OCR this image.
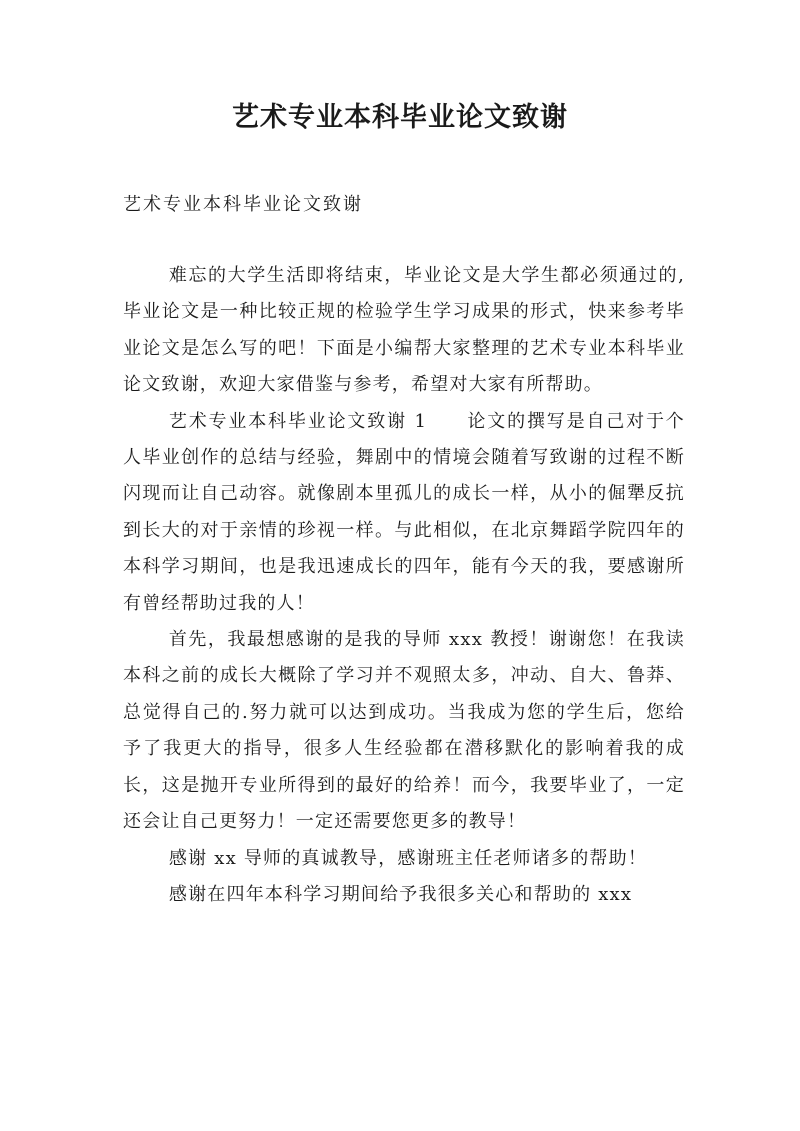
艺术专业本科毕业论文致谢
艺术专业本科毕业论文致谢

难忘的大学生活即将结束，毕业论文是大学生都必须通过的,毕业论文是一种比较正规的检验学生学习成果的形式，快来参考毕业论文是怎么写的吧！下面是小编帮大家整理的艺术专业本科毕业论文致谢，欢迎大家借鉴与参考，希望对大家有所帮助。

艺术专业本科毕业论文致谢 1　　论文的撰写是自己对于个人毕业创作的总结与经验，舞剧中的情境会随着写致谢的过程不断闪现而让自己动容。就像剧本里孤儿的成长一样，从小的倔犟反抗到长大的对于亲情的珍视一样。与此相似，在北京舞蹈学院四年的本科学习期间，也是我迅速成长的四年，能有今天的我，要感谢所有曾经帮助过我的人！

首先，我最想感谢的是我的导师 xxx 教授！谢谢您！在我读本科之前的成长大概除了学习并不观照太多，冲动、自大、鲁莽、总觉得自己的.努力就可以达到成功。当我成为您的学生后，您给予了我更大的指导，很多人生经验都在潜移默化的影响着我的成长，这是抛开专业所得到的最好的给养！而今，我要毕业了，一定还会让自己更努力！一定还需要您更多的教导！

感谢 xx 导师的真诚教导，感谢班主任老师诸多的帮助！

感谢在四年本科学习期间给予我很多关心和帮助的 xxx
